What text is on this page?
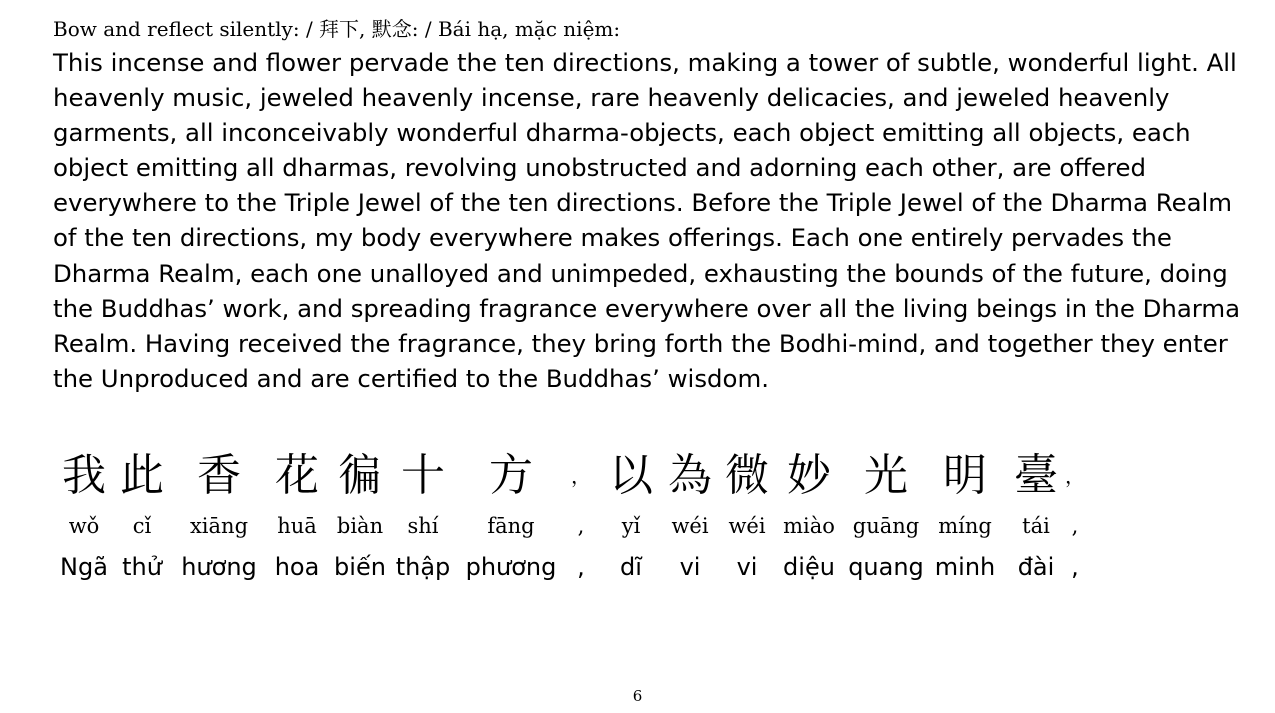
Bow and reflect silently: / 拜下, 默念: / Bái hạ, mặc niệm:

This incense and flower pervade the ten directions, making a tower of subtle, wonderful light. All heavenly music, jeweled heavenly incense, rare heavenly delicacies, and jeweled heavenly garments, all inconceivably wonderful dharma-objects, each object emitting all objects, each object emitting all dharmas, revolving unobstructed and adorning each other, are offered everywhere to the Triple Jewel of the ten directions. Before the Triple Jewel of the Dharma Realm of the ten directions, my body everywhere makes offerings. Each one entirely pervades the Dharma Realm, each one unalloyed and unimpeded, exhausting the bounds of the future, doing the Buddhas’ work, and spreading fragrance everywhere over all the living beings in the Dharma Realm. Having received the fragrance, they bring forth the Bodhi-mind, and together they enter the Unproduced and are certified to the Buddhas’ wisdom.

我
wǒ
Ngã
此
cǐ
thử
香
xiāng
hương
花
huā
hoa
徧
biàn
biến
十
shí
thập
方
fāng
phương
，
,
,
以
yǐ
dĩ
為
wéi
vi
微
wéi
vi
妙
miào
diệu
光
guāng
quang
明
míng
minh
臺
tái
đài
，
,
,
6
